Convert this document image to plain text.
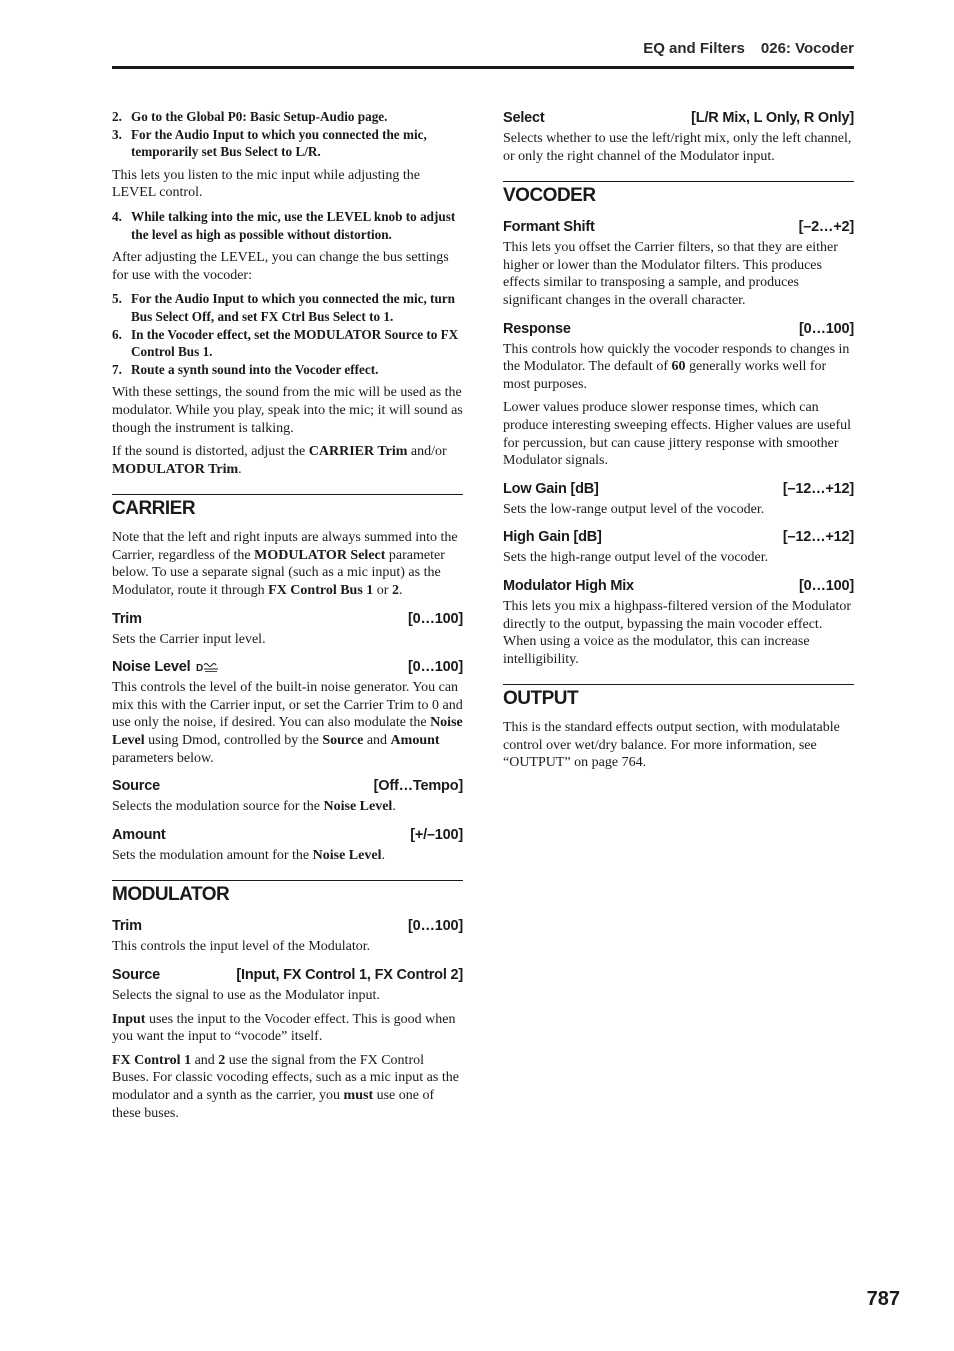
EQ and Filters 026: Vocoder
2. Go to the Global P0: Basic Setup-Audio page.
3. For the Audio Input to which you connected the mic, temporarily set Bus Select to L/R.

This lets you listen to the mic input while adjusting the LEVEL control.

4. While talking into the mic, use the LEVEL knob to adjust the level as high as possible without distortion.

After adjusting the LEVEL, you can change the bus settings for use with the vocoder:

5. For the Audio Input to which you connected the mic, turn Bus Select Off, and set FX Ctrl Bus Select to 1.
6. In the Vocoder effect, set the MODULATOR Source to FX Control Bus 1.
7. Route a synth sound into the Vocoder effect.

With these settings, the sound from the mic will be used as the modulator. While you play, speak into the mic; it will sound as though the instrument is talking.

If the sound is distorted, adjust the CARRIER Trim and/or MODULATOR Trim.

CARRIER

Note that the left and right inputs are always summed into the Carrier, regardless of the MODULATOR Select parameter below. To use a separate signal (such as a mic input) as the Modulator, route it through FX Control Bus 1 or 2.

Trim	[0…100]

Sets the Carrier input level.

Noise Level D	[0…100]

This controls the level of the built-in noise generator. You can mix this with the Carrier input, or set the Carrier Trim to 0 and use only the noise, if desired. You can also modulate the Noise Level using Dmod, controlled by the Source and Amount parameters below.

Source	[Off…Tempo]

Selects the modulation source for the Noise Level.

Amount	[+/–100]

Sets the modulation amount for the Noise Level.

MODULATOR
Trim	[0…100]

This controls the input level of the Modulator.

Source	[Input, FX Control 1, FX Control 2]

Selects the signal to use as the Modulator input.

Input uses the input to the Vocoder effect. This is good when you want the input to “vocode” itself.

FX Control 1 and 2 use the signal from the FX Control Buses. For classic vocoding effects, such as a mic input as the modulator and a synth as the carrier, you must use one of these buses.

Select	[L/R Mix, L Only, R Only]

Selects whether to use the left/right mix, only the left channel, or only the right channel of the Modulator input.

VOCODER
Formant Shift	[–2…+2]

This lets you offset the Carrier filters, so that they are either higher or lower than the Modulator filters. This produces effects similar to transposing a sample, and produces significant changes in the overall character.

Response	[0…100]

This controls how quickly the vocoder responds to changes in the Modulator. The default of 60 generally works well for most purposes.

Lower values produce slower response times, which can produce interesting sweeping effects. Higher values are useful for percussion, but can cause jittery response with smoother Modulator signals.

Low Gain [dB]	[–12…+12]

Sets the low-range output level of the vocoder.

High Gain [dB]	[–12…+12]

Sets the high-range output level of the vocoder.

Modulator High Mix	[0…100]

This lets you mix a highpass-filtered version of the Modulator directly to the output, bypassing the main vocoder effect. When using a voice as the modulator, this can increase intelligibility.

OUTPUT

This is the standard effects output section, with modulatable control over wet/dry balance. For more information, see “OUTPUT” on page 764.

787
